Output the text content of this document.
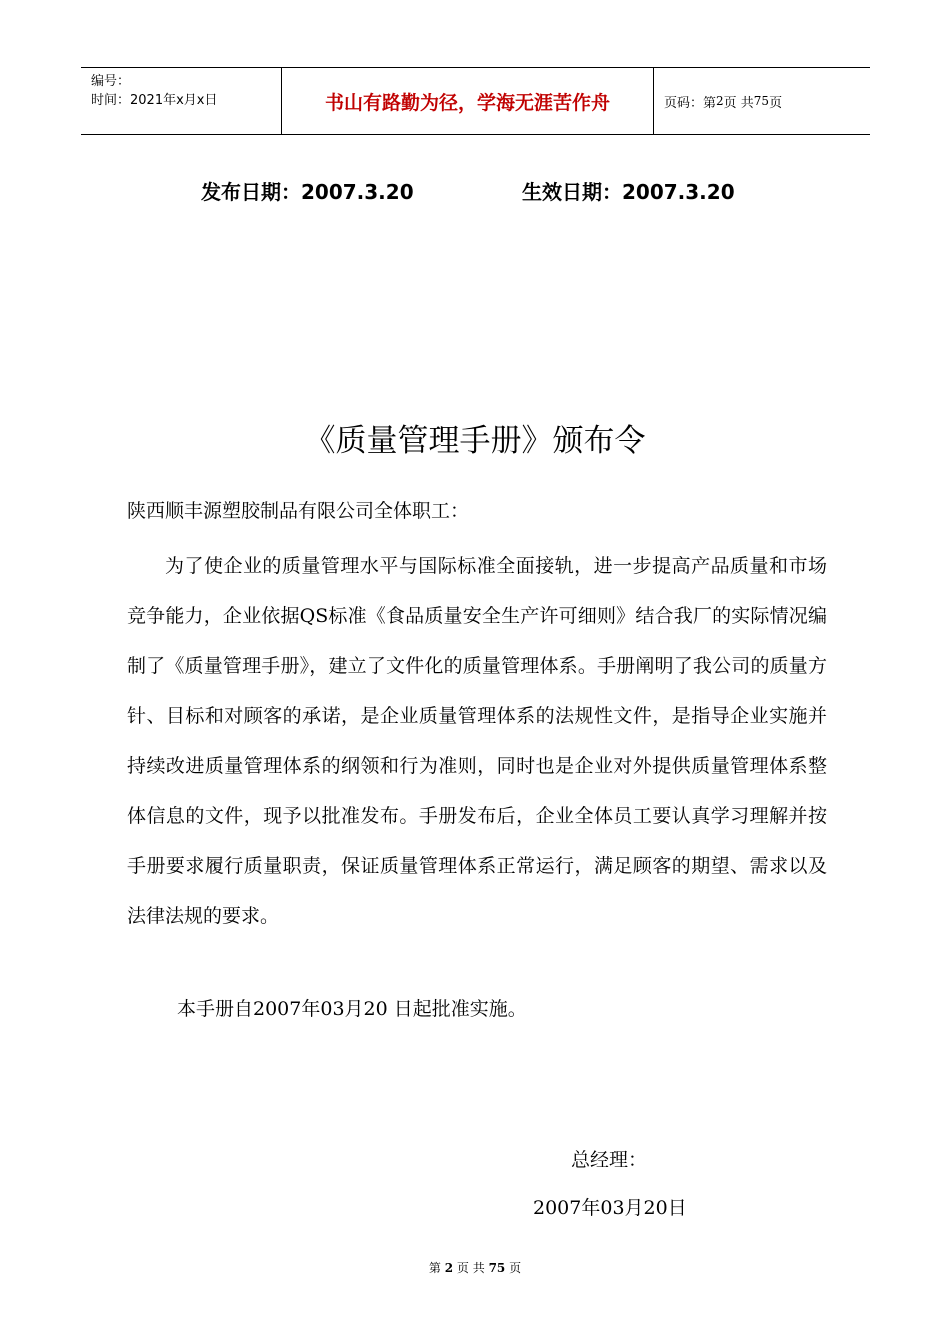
编号：
时间：2021年x月x日	书山有路勤为径，学海无涯苦作舟	页码：第 2 页 共 75 页
发布日期：2007.3.20	生效日期：2007.3.20
《质量管理手册》颁布令
陕西顺丰源塑胶制品有限公司全体职工：

为了使企业的质量管理水平与国际标准全面接轨，进一步提高产品质量和市场竞争能力，企业依据QS标准《食品质量安全生产许可细则》结合我厂的实际情况编制了《质量管理手册》，建立了文件化的质量管理体系。手册阐明了我公司的质量方针、目标和对顾客的承诺，是企业质量管理体系的法规性文件，是指导企业实施并持续改进质量管理体系的纲领和行为准则，同时也是企业对外提供质量管理体系整体信息的文件，现予以批准发布。手册发布后，企业全体员工要认真学习理解并按手册要求履行质量职责，保证质量管理体系正常运行，满足顾客的期望、需求以及法律法规的要求。

本手册自2007年03月20 日起批准实施。
总经理：
2007年03月20日
第 2 页 共 75 页
